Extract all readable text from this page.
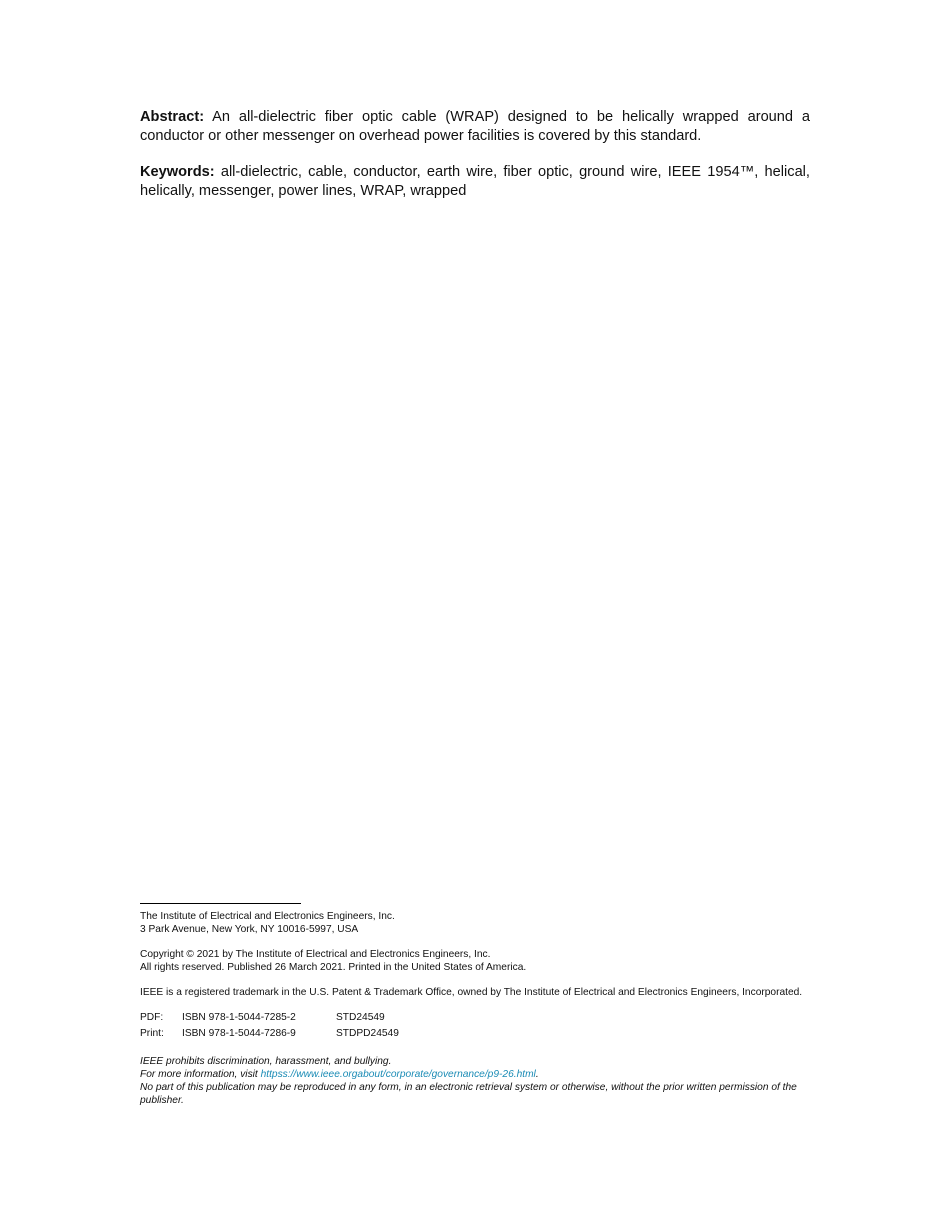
Abstract: An all-dielectric fiber optic cable (WRAP) designed to be helically wrapped around a conductor or other messenger on overhead power facilities is covered by this standard.

Keywords: all-dielectric, cable, conductor, earth wire, fiber optic, ground wire, IEEE 1954™, helical, helically, messenger, power lines, WRAP, wrapped

The Institute of Electrical and Electronics Engineers, Inc.
3 Park Avenue, New York, NY 10016-5997, USA

Copyright © 2021 by The Institute of Electrical and Electronics Engineers, Inc.
All rights reserved. Published 26 March 2021. Printed in the United States of America.

IEEE is a registered trademark in the U.S. Patent & Trademark Office, owned by The Institute of Electrical and Electronics Engineers, Incorporated.

PDF:	ISBN 978-1-5044-7285-2	STD24549
Print:	ISBN 978-1-5044-7286-9	STDPD24549

IEEE prohibits discrimination, harassment, and bullying.
For more information, visit httpss://www.ieee.orgabout/corporate/governance/p9-26.html.
No part of this publication may be reproduced in any form, in an electronic retrieval system or otherwise, without the prior written permission of the publisher.
